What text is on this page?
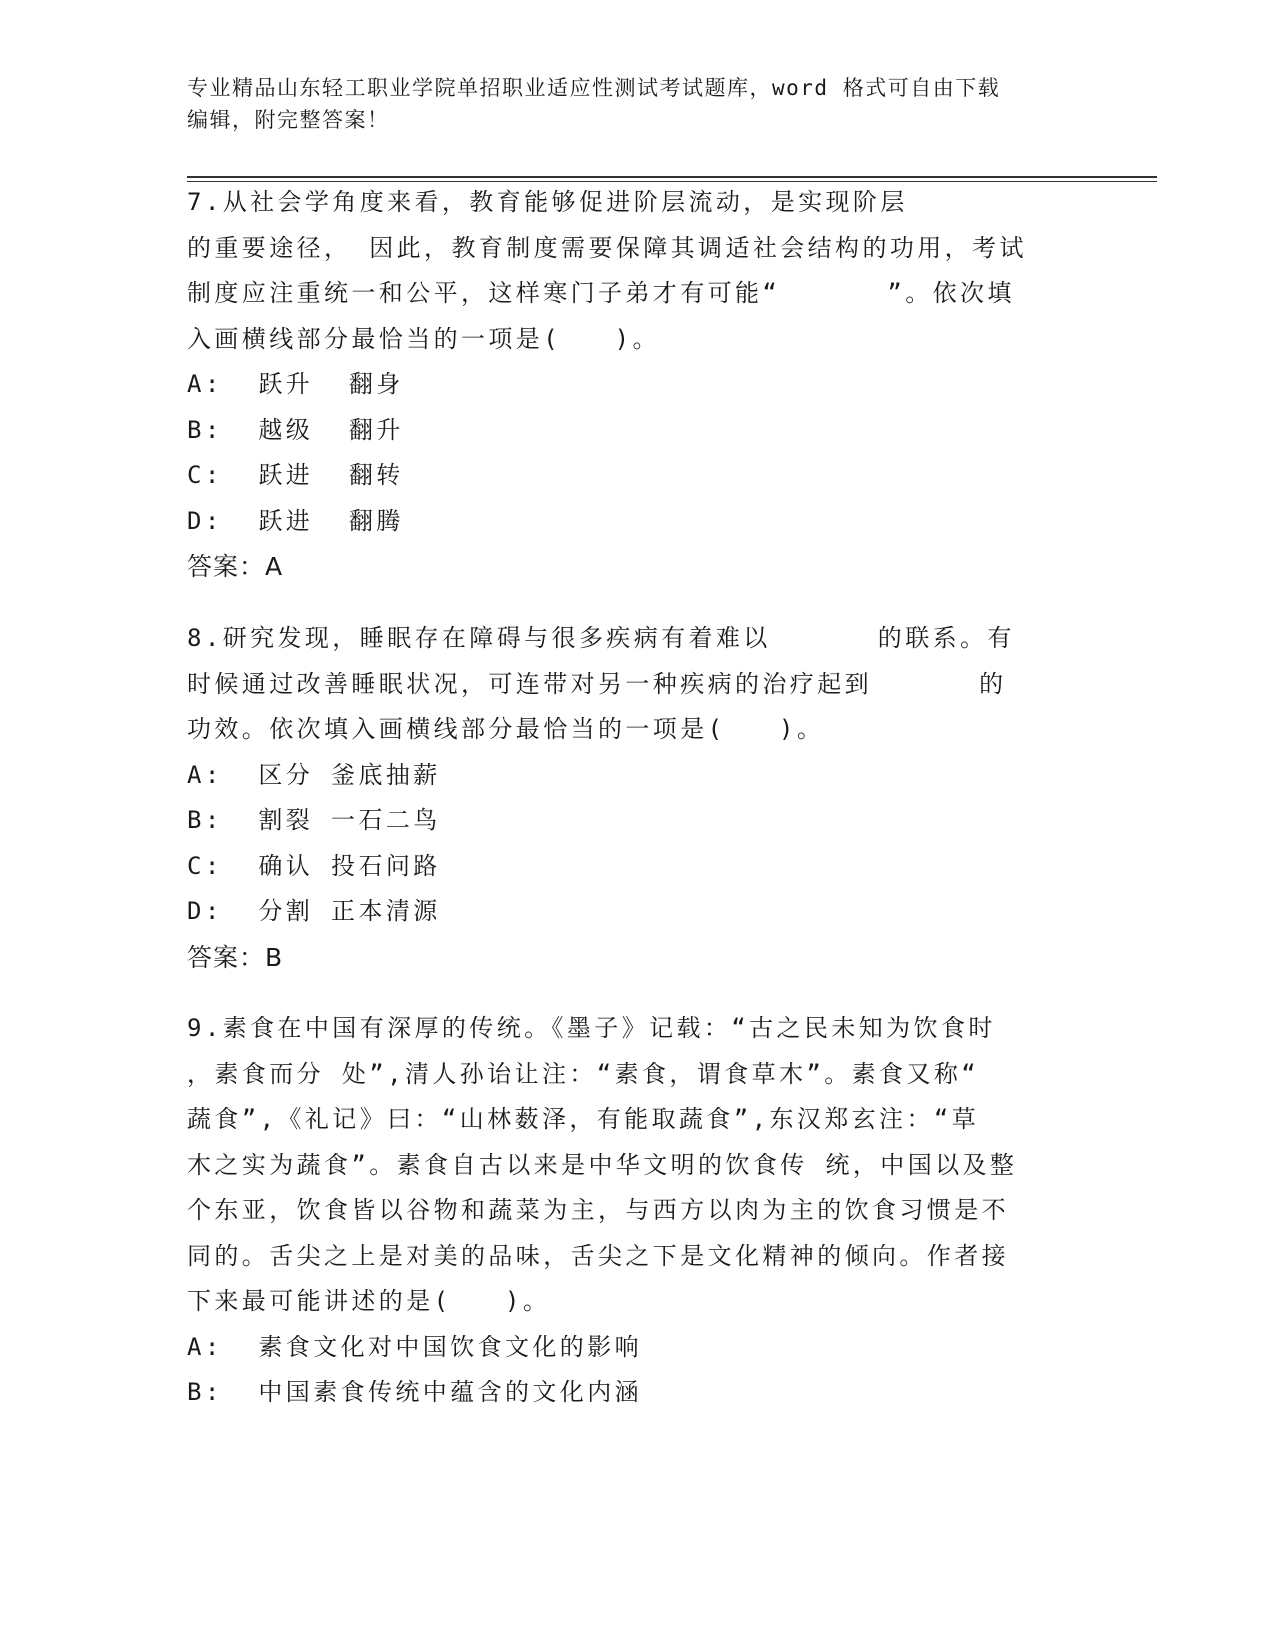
专业精品山东轻工职业学院单招职业适应性测试考试题库，word 格式可自由下载
编辑，附完整答案！
7.从社会学角度来看，教育能够促进阶层流动，是实现阶层
的重要途径， 因此，教育制度需要保障其调适社会结构的功用，考试
制度应注重统一和公平，这样寒门子弟才有可能“      ”。依次填
入画横线部分最恰当的一项是(   )。
A:  跃升  翻身
B:  越级  翻升
C:  跃进  翻转
D:  跃进  翻腾
答案：A
8.研究发现，睡眠存在障碍与很多疾病有着难以      的联系。有
时候通过改善睡眠状况，可连带对另一种疾病的治疗起到      的
功效。依次填入画横线部分最恰当的一项是(   )。
A:  区分 釜底抽薪
B:  割裂 一石二鸟
C:  确认 投石问路
D:  分割 正本清源
答案：B
9.素食在中国有深厚的传统。《墨子》记载：“古之民未知为饮食时
，素食而分 处”,清人孙诒让注：“素食，谓食草木”。素食又称“
蔬食”,《礼记》曰：“山林薮泽，有能取蔬食”,东汉郑玄注：“草
木之实为蔬食”。素食自古以来是中华文明的饮食传 统，中国以及整
个东亚，饮食皆以谷物和蔬菜为主，与西方以肉为主的饮食习惯是不
同的。舌尖之上是对美的品味，舌尖之下是文化精神的倾向。作者接
下来最可能讲述的是(   )。
A:  素食文化对中国饮食文化的影响
B:  中国素食传统中蕴含的文化内涵
